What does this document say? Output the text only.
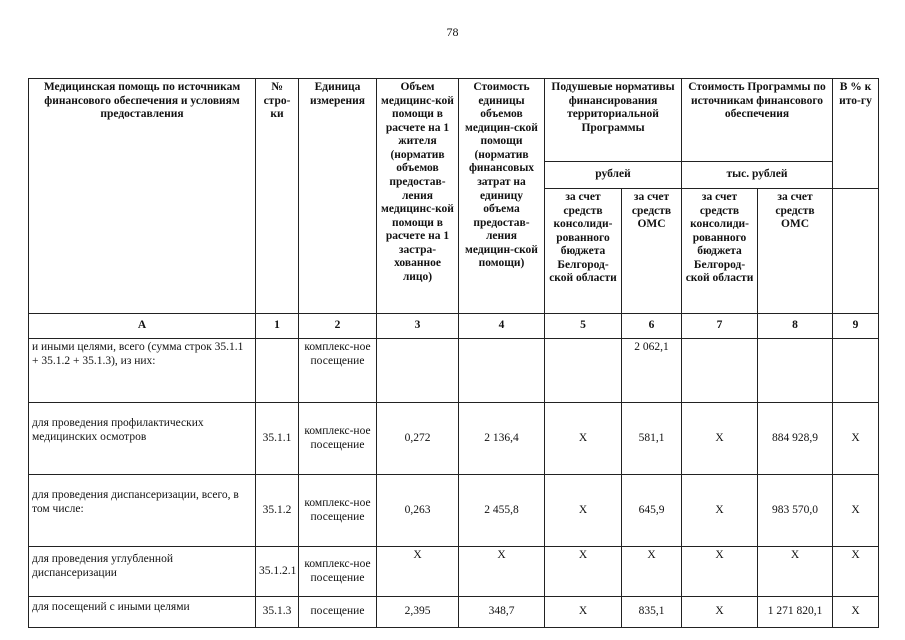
78
Медицинская помощь по источникам финансового обеспечения и условиям предоставления	№ стро-ки	Единица измерения	Объем медицинс-кой помощи в расчете на 1 жителя (норматив объемов предостав-ления медицинс-кой помощи в расчете на 1 застра-хованное лицо)	Стоимость единицы объемов медицин-ской помощи (норматив финансовых затрат на единицу объема предостав-ления медицин-ской помощи)	Подушевые нормативы финансирования территориальной Программы		Стоимость Программы по источникам финансового обеспечения		В % к ито-гу
					рублей		тыс. рублей		
					за счет средств консолиди-рованного бюджета Белгород-ской области	за счет средств ОМС	за счет средств консолиди-рованного бюджета Белгород-ской области	за счет средств ОМС	
А	1	2	3	4	5	6	7	8	9
и иными целями, всего (сумма строк 35.1.1 + 35.1.2 + 35.1.3), из них:		комплекс-ное посещение				2 062,1			
для проведения профилактических медицинских осмотров	35.1.1	комплекс-ное посещение	0,272	2 136,4	Х	581,1	Х	884 928,9	Х
для проведения диспансеризации, всего, в том числе:	35.1.2	комплекс-ное посещение	0,263	2 455,8	Х	645,9	Х	983 570,0	Х
для проведения углубленной диспансеризации	35.1.2.1	комплекс-ное посещение	Х	Х	Х	Х	Х	Х	Х
для посещений с иными целями	35.1.3	посещение	2,395	348,7	Х	835,1	Х	1 271 820,1	Х
